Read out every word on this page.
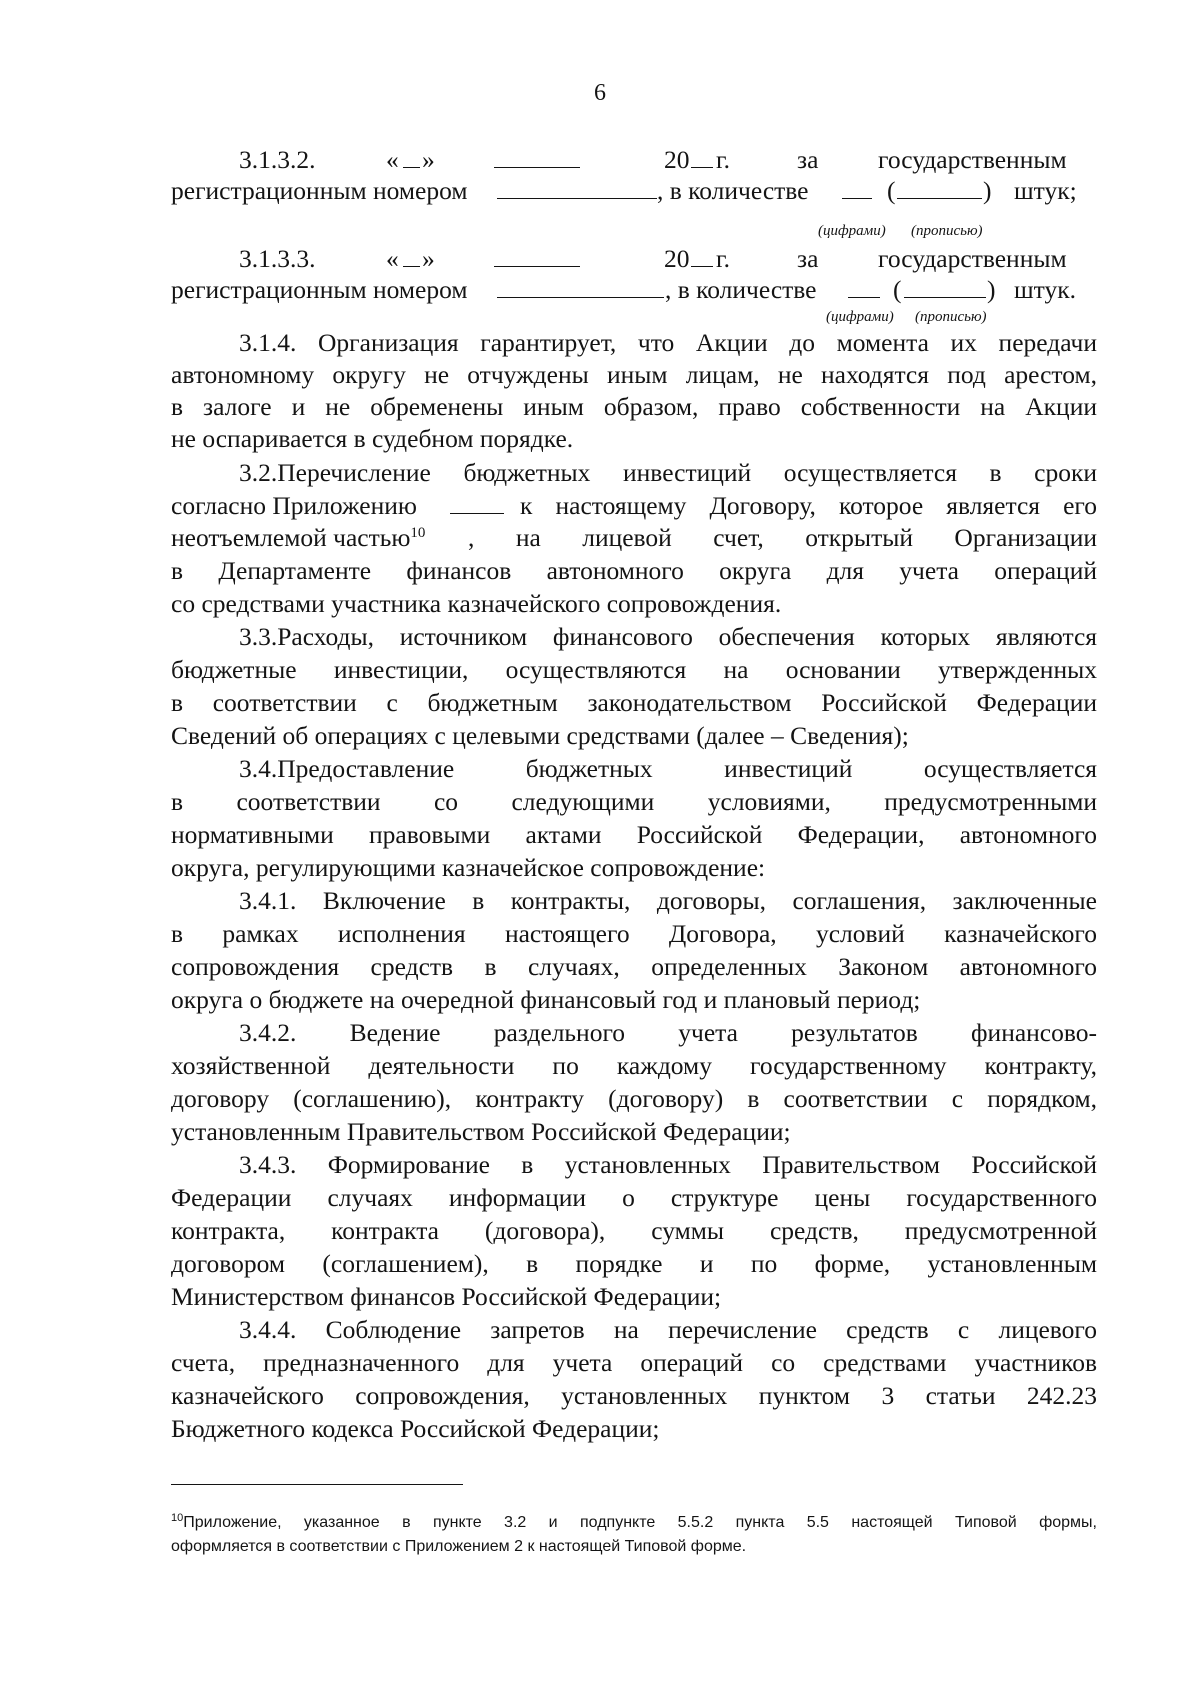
6
3.1.3.2.	« »	20 г.	за государственным
регистрационным номером	, в количестве	(	) штук;
(цифрами) (прописью)
3.1.3.3.	« »	20 г.	за государственным
регистрационным номером	, в количестве	(	) штук.
(цифрами) (прописью)
3.1.4. Организация гарантирует, что Акции до момента их передачи
автономному округу не отчуждены иным лицам, не находятся под арестом,
в залоге и не обременены иным образом, право собственности на Акции
не оспаривается в судебном порядке.
3.2.Перечисление бюджетных инвестиций осуществляется в сроки
согласно Приложению	к настоящему Договору, которое является его
неотъемлемой частью$^{10}$ , на лицевой счет, открытый Организации
в Департаменте финансов автономного округа для учета операций
со средствами участника казначейского сопровождения.
3.3.Расходы, источником финансового обеспечения которых являются
бюджетные инвестиции, осуществляются на основании утвержденных
в соответствии с бюджетным законодательством Российской Федерации
Сведений об операциях с целевыми средствами (далее – Сведения);
3.4.Предоставление бюджетных инвестиций осуществляется
в соответствии со следующими условиями, предусмотренными
нормативными правовыми актами Российской Федерации, автономного
округа, регулирующими казначейское сопровождение:
3.4.1. Включение в контракты, договоры, соглашения, заключенные
в рамках исполнения настоящего Договора, условий казначейского
сопровождения средств в случаях, определенных Законом автономного
округа о бюджете на очередной финансовый год и плановый период;
3.4.2. Ведение раздельного учета результатов финансово-
хозяйственной деятельности по каждому государственному контракту,
договору (соглашению), контракту (договору) в соответствии с порядком,
установленным Правительством Российской Федерации;
3.4.3. Формирование в установленных Правительством Российской
Федерации случаях информации о структуре цены государственного
контракта, контракта (договора), суммы средств, предусмотренной
договором (соглашением), в порядке и по форме, установленным
Министерством финансов Российской Федерации;
3.4.4. Соблюдение запретов на перечисление средств с лицевого
счета, предназначенного для учета операций со средствами участников
казначейского сопровождения, установленных пунктом 3 статьи 242.23
Бюджетного кодекса Российской Федерации;
$^{10}$Приложение, указанное в пункте 3.2 и подпункте 5.5.2 пункта 5.5 настоящей Типовой формы,
оформляется в соответствии с Приложением 2 к настоящей Типовой форме.
